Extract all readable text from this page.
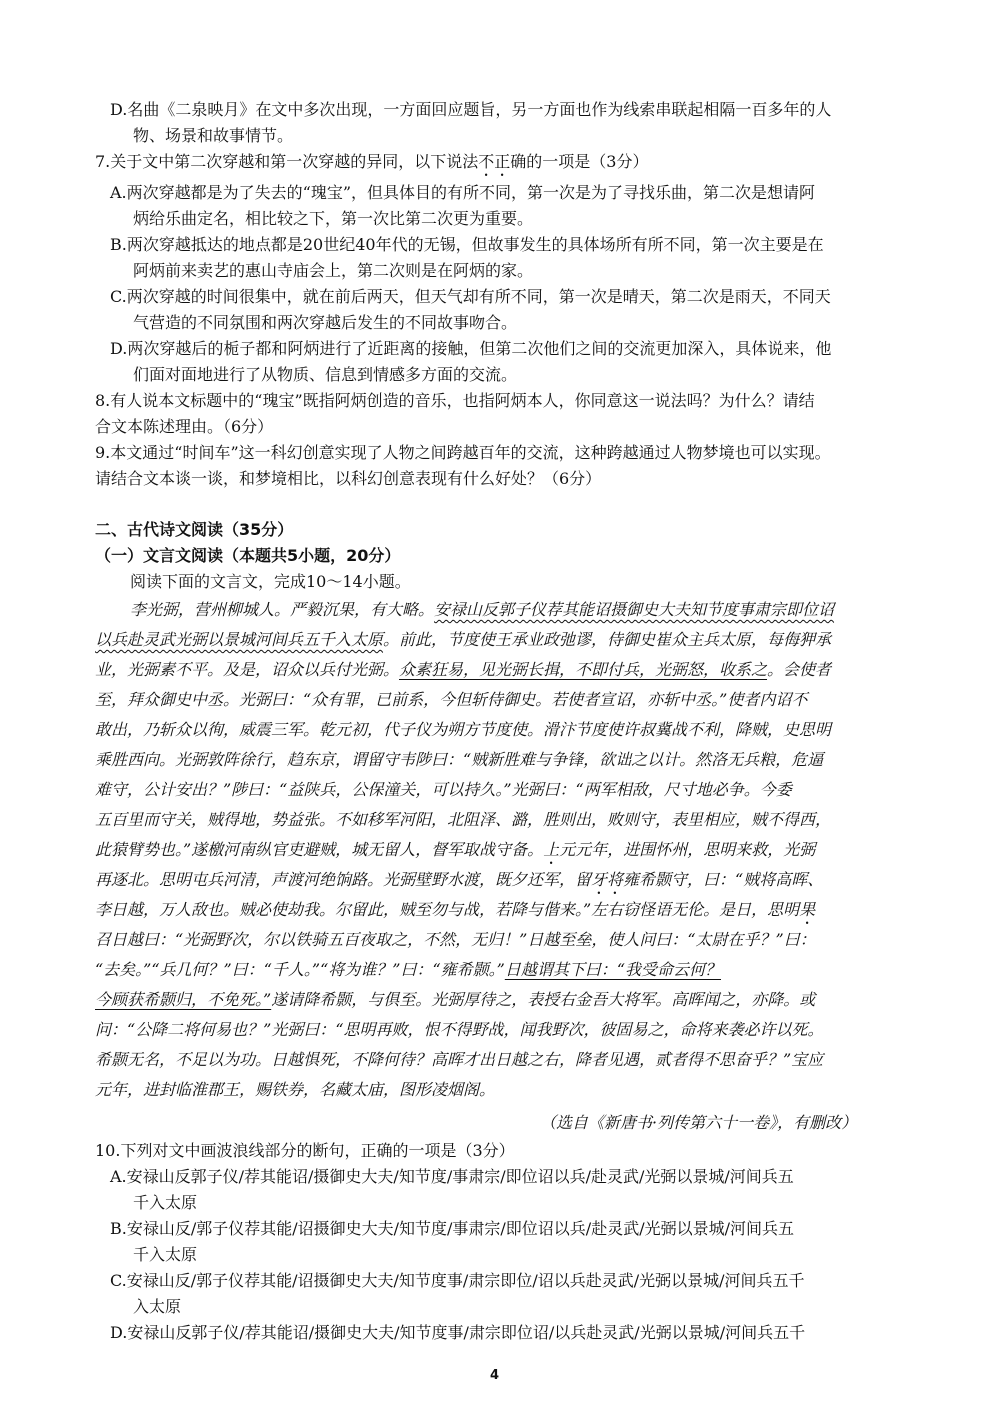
D.名曲《二泉映月》在文中多次出现，一方面回应题旨，另一方面也作为线索串联起相隔一百多年的人
物、场景和故事情节。
7.关于文中第二次穿越和第一次穿越的异同，以下说法不正确的一项是（3分）
A.两次穿越都是为了失去的“瑰宝”，但具体目的有所不同，第一次是为了寻找乐曲，第二次是想请阿
炳给乐曲定名，相比较之下，第一次比第二次更为重要。
B.两次穿越抵达的地点都是20世纪40年代的无锡，但故事发生的具体场所有所不同，第一次主要是在
阿炳前来卖艺的惠山寺庙会上，第二次则是在阿炳的家。
C.两次穿越的时间很集中，就在前后两天，但天气却有所不同，第一次是晴天，第二次是雨天，不同天
气营造的不同氛围和两次穿越后发生的不同故事吻合。
D.两次穿越后的栀子都和阿炳进行了近距离的接触，但第二次他们之间的交流更加深入，具体说来，他
们面对面地进行了从物质、信息到情感多方面的交流。
8.有人说本文标题中的“瑰宝”既指阿炳创造的音乐，也指阿炳本人，你同意这一说法吗？为什么？请结
合文本陈述理由。（6分）
9.本文通过“时间车”这一科幻创意实现了人物之间跨越百年的交流，这种跨越通过人物梦境也可以实现。
请结合文本谈一谈，和梦境相比，以科幻创意表现有什么好处？（6分）
二、古代诗文阅读（35分）
（一）文言文阅读（本题共5小题，20分）
阅读下面的文言文，完成10～14小题。
李光弼，营州柳城人。严毅沉果，有大略。安禄山反郭子仪荐其能诏摄御史大夫知节度事肃宗即位诏
以兵赴灵武光弼以景城河间兵五千入太原。前此，节度使王承业政弛谬，侍御史崔众主兵太原，每侮狎承
业，光弼素不平。及是，诏众以兵付光弼。众素狂易，见光弼长揖，不即付兵，光弼怒，收系之。会使者
至，拜众御史中丞。光弼曰：“众有罪，已前系，今但斩侍御史。若使者宣诏，亦斩中丞。”使者内诏不
敢出，乃斩众以徇，威震三军。乾元初，代子仪为朔方节度使。滑汴节度使许叔冀战不利，降贼，史思明
乘胜西向。光弼敦阵徐行，趋东京，谓留守韦陟曰：“贼新胜难与争锋，欲诎之以计。然洛无兵粮，危逼
难守，公计安出？”陟曰：“益陕兵，公保潼关，可以持久。”光弼曰：“两军相敌，尺寸地必争。今委
五百里而守关，贼得地，势益张。不如移军河阳，北阻泽、潞，胜则出，败则守，表里相应，贼不得西，
此猿臂势也。”遂檄河南纵官吏避贼，城无留人，督军取战守备。上元元年，进围怀州，思明来救，光弼
再逐北。思明屯兵河清，声渡河绝饷路。光弼壁野水渡，既夕还军，留牙将雍希颢守，曰：“贼将高晖、
李日越，万人敌也。贼必使劫我。尔留此，贼至勿与战，若降与偕来。”左右窃怪语无伦。是日，思明果
召日越曰：“光弼野次，尔以铁骑五百夜取之，不然，无归！”日越至垒，使人问曰：“太尉在乎？”曰：
“去矣。”“兵几何？”曰：“千人。”“将为谁？”曰：“雍希颢。”日越谓其下曰：“我受命云何？
今顾获希颢归，不免死。”遂请降希颢，与俱至。光弼厚待之，表授右金吾大将军。高晖闻之，亦降。或
问：“公降二将何易也？”光弼曰：“思明再败，恨不得野战，闻我野次，彼固易之，命将来袭必许以死。
希颢无名，不足以为功。日越惧死，不降何待？高晖才出日越之右，降者见遇，贰者得不思奋乎？”宝应
元年，进封临淮郡王，赐铁券，名藏太庙，图形凌烟阁。
（选自《新唐书·列传第六十一卷》，有删改）
10.下列对文中画波浪线部分的断句，正确的一项是（3分）
A.安禄山反郭子仪/荐其能诏/摄御史大夫/知节度/事肃宗/即位诏以兵/赴灵武/光弼以景城/河间兵五
千入太原
B.安禄山反/郭子仪荐其能/诏摄御史大夫/知节度/事肃宗/即位诏以兵/赴灵武/光弼以景城/河间兵五
千入太原
C.安禄山反/郭子仪荐其能/诏摄御史大夫/知节度事/肃宗即位/诏以兵赴灵武/光弼以景城/河间兵五千
入太原
D.安禄山反郭子仪/荐其能诏/摄御史大夫/知节度事/肃宗即位诏/以兵赴灵武/光弼以景城/河间兵五千
4
